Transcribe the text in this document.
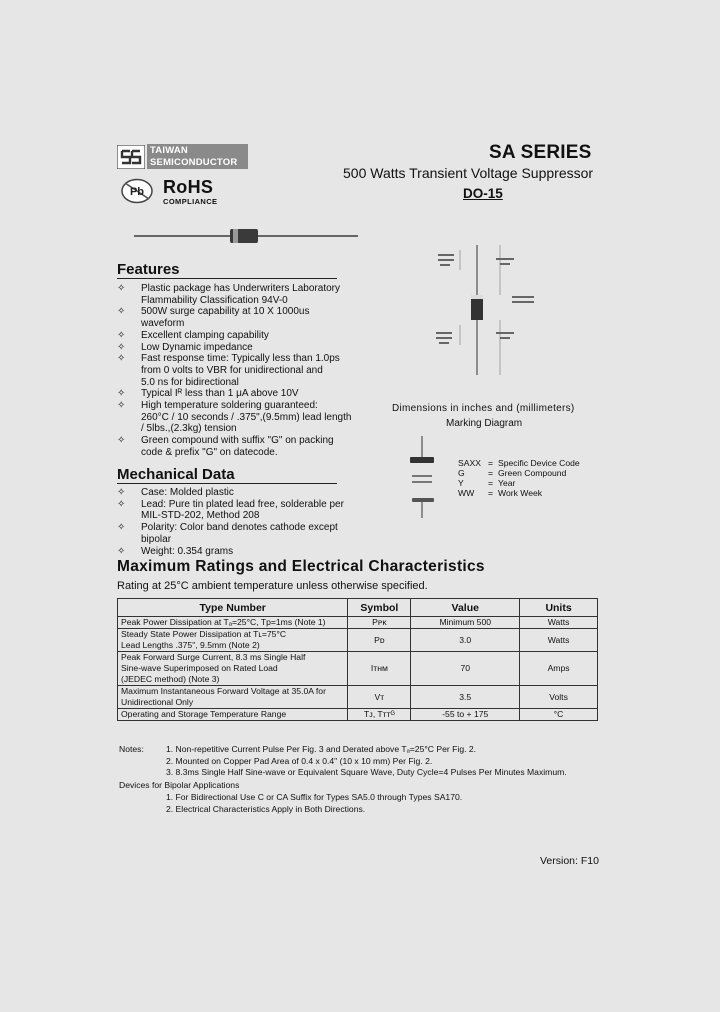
TAIWAN
SEMICONDUCTOR
Pb RoHS
COMPLIANCE
SA SERIES
500 Watts Transient Voltage Suppressor
DO-15
Features
✧ Plastic package has Underwriters Laboratory
Flammability Classification 94V-0
✧ 500W surge capability at 10 X 1000us
waveform
✧ Excellent clamping capability
✧ Low Dynamic impedance
✧ Fast response time: Typically less than 1.0ps
from 0 volts to VBR for unidirectional and
5.0 ns for bidirectional
✧ Typical Iᴿ less than 1 μA above 10V
✧ High temperature soldering guaranteed:
260°C / 10 seconds / .375",(9.5mm) lead length
/ 5lbs.,(2.3kg) tension
✧ Green compound with suffix "G" on packing
code & prefix "G" on datecode.
Mechanical Data
✧ Case: Molded plastic
✧ Lead: Pure tin plated lead free, solderable per
MIL-STD-202, Method 208
✧ Polarity: Color band denotes cathode except
bipolar
✧ Weight: 0.354 grams
Dimensions in inches and (millimeters)
Marking Diagram
SAXX = Specific Device Code
G	= Green Compound
Y	= Year
WW	= Work Week
Maximum Ratings and Electrical Characteristics
Rating at 25°C ambient temperature unless otherwise specified.
Type Number	Symbol	Value	Units

Peak Power Dissipation at Tₐ=25°C, Tp=1ms (Note 1)	Pᴘᴋ	Minimum 500	Watts

Steady State Power Dissipation at Tʟ=75°C
Lead Lengths .375", 9.5mm (Note 2)	Pᴅ	3.0	Watts

Peak Forward Surge Current, 8.3 ms Single Half
Sine-wave Superimposed on Rated Load
(JEDEC method) (Note 3)	Iᴛʜᴍ	70	Amps

Maximum Instantaneous Forward Voltage at 35.0A for
Unidirectional Only	Vᴛ	3.5	Volts

Operating and Storage Temperature Range	Tᴊ, Tᴛᴛᴳ	-55 to + 175	°C
Notes:	1. Non-repetitive Current Pulse Per Fig. 3 and Derated above Tₐ=25°C Per Fig. 2.
2. Mounted on Copper Pad Area of 0.4 x 0.4" (10 x 10 mm) Per Fig. 2.
3. 8.3ms Single Half Sine-wave or Equivalent Square Wave, Duty Cycle=4 Pulses Per Minutes Maximum.
Devices for Bipolar Applications
1. For Bidirectional Use C or CA Suffix for Types SA5.0 through Types SA170.
2. Electrical Characteristics Apply in Both Directions.
Version: F10
